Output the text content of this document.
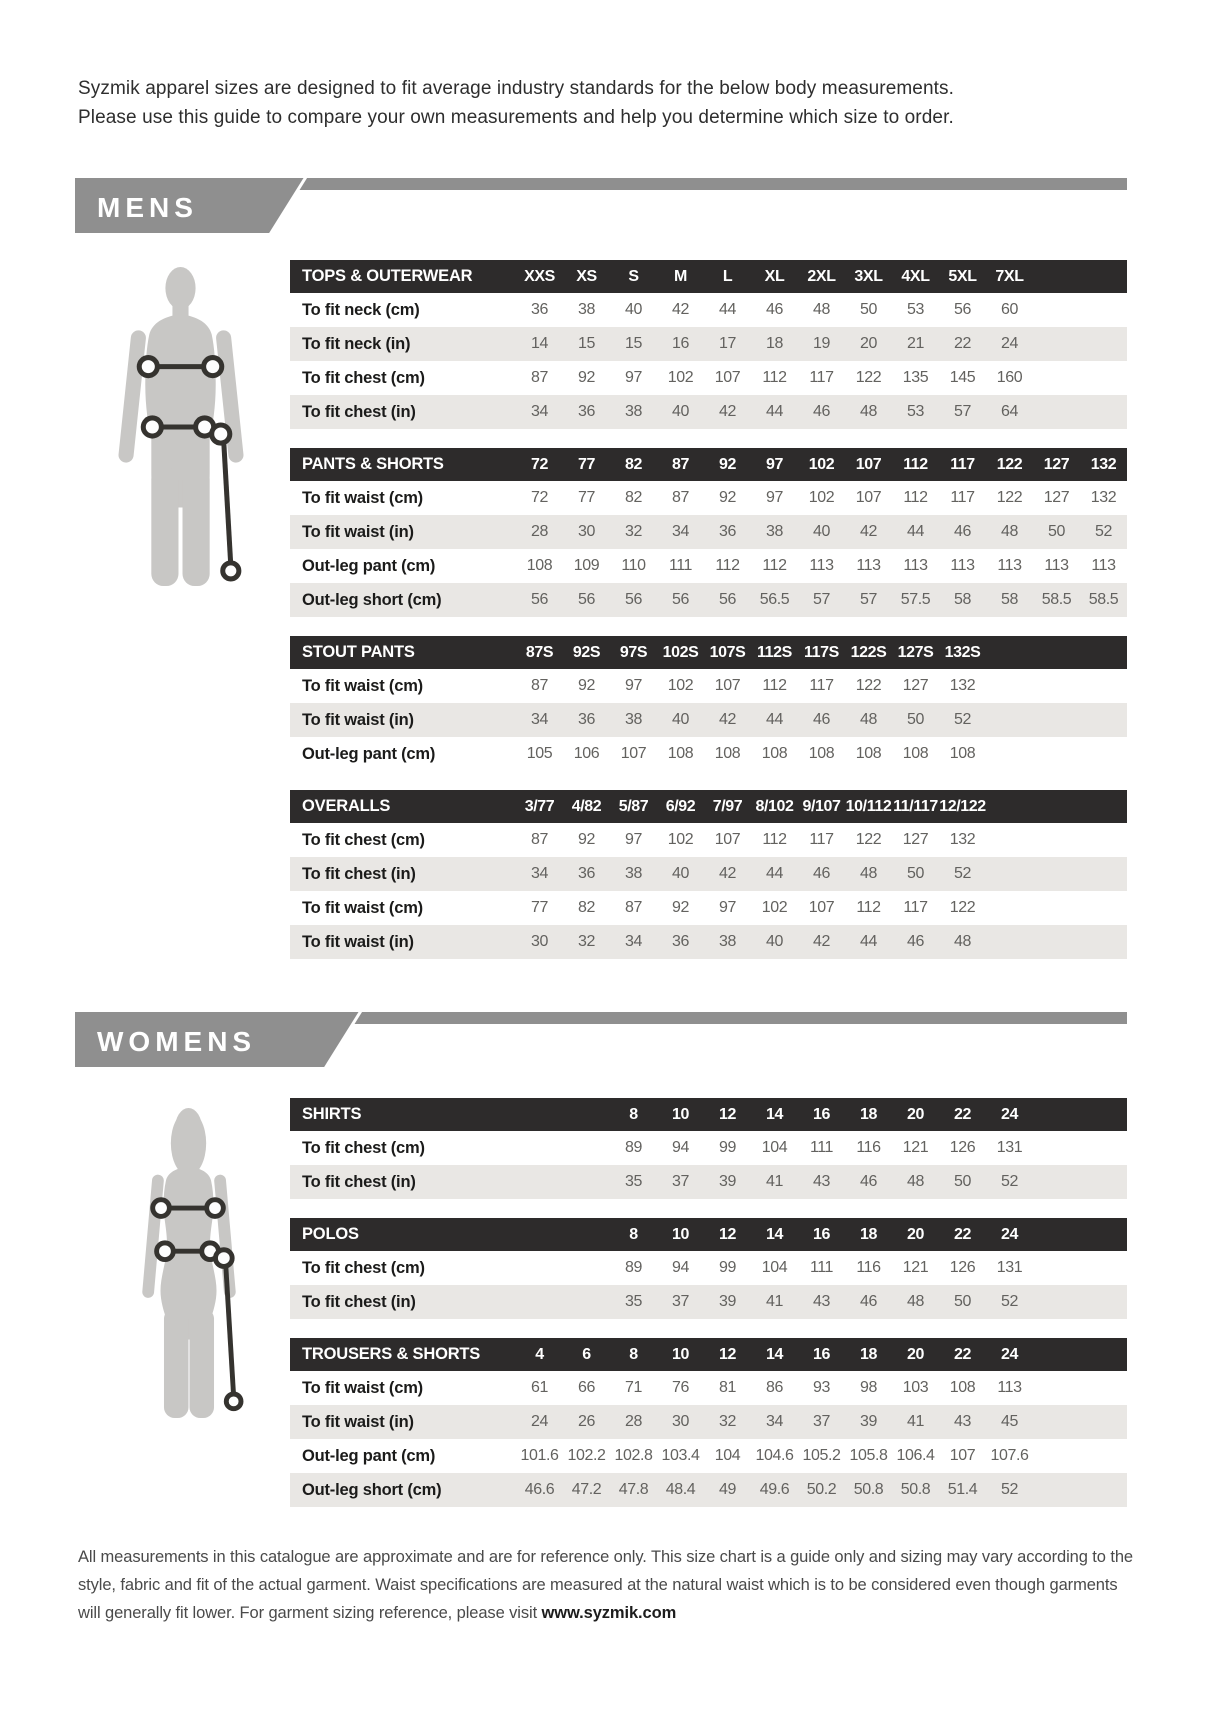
Syzmik apparel sizes are designed to fit average industry standards for the below body measurements.
Please use this guide to compare your own measurements and help you determine which size to order.
MENS
TOPS & OUTERWEAR	XXS	XS	S	M	L	XL	2XL	3XL	4XL	5XL	7XL
To fit neck (cm)	36	38	40	42	44	46	48	50	53	56	60
To fit neck (in)	14	15	15	16	17	18	19	20	21	22	24
To fit chest (cm)	87	92	97	102	107	112	117	122	135	145	160
To fit chest (in)	34	36	38	40	42	44	46	48	53	57	64
PANTS & SHORTS	72	77	82	87	92	97	102	107	112	117	122	127	132
To fit waist (cm)	72	77	82	87	92	97	102	107	112	117	122	127	132
To fit waist (in)	28	30	32	34	36	38	40	42	44	46	48	50	52
Out-leg pant (cm)	108	109	110	111	112	112	113	113	113	113	113	113	113
Out-leg short (cm)	56	56	56	56	56	56.5	57	57	57.5	58	58	58.5	58.5
STOUT PANTS	87S	92S	97S 102S 107S 112S 117S 122S 127S 132S
To fit waist (cm)	87	92	97	102	107	112	117	122	127	132
To fit waist (in)	34	36	38	40	42	44	46	48	50	52
Out-leg pant (cm)	105	106	107	108	108	108	108	108	108	108
OVERALLS	3/77	4/82	5/87	6/92	7/97 8/102 9/107 10/112 11/117 12/122
To fit chest (cm)	87	92	97	102	107	112	117	122	127	132
To fit chest (in)	34	36	38	40	42	44	46	48	50	52
To fit waist (cm)	77	82	87	92	97	102	107	112	117	122
To fit waist (in)	30	32	34	36	38	40	42	44	46	48
WOMENS
SHIRTS	8	10	12	14	16	18	20	22	24
To fit chest (cm)	89	94	99	104	111	116	121	126	131
To fit chest (in)	35	37	39	41	43	46	48	50	52
POLOS	8	10	12	14	16	18	20	22	24
To fit chest (cm)	89	94	99	104	111	116	121	126	131
To fit chest (in)	35	37	39	41	43	46	48	50	52
TROUSERS & SHORTS	4	6	8	10	12	14	16	18	20	22	24
To fit waist (cm)	61	66	71	76	81	86	93	98	103	108	113
To fit waist (in)	24	26	28	30	32	34	37	39	41	43	45
Out-leg pant (cm)	101.6 102.2 102.8 103.4 104 104.6 105.2 105.8 106.4 107 107.6
Out-leg short (cm)	46.6	47.2	47.8	48.4	49	49.6	50.2	50.8	50.8	51.4	52
All measurements in this catalogue are approximate and are for reference only. This size chart is a guide only and sizing may vary according to the style, fabric and fit of the actual garment. Waist specifications are measured at the natural waist which is to be considered even though garments will generally fit lower. For garment sizing reference, please visit www.syzmik.com
